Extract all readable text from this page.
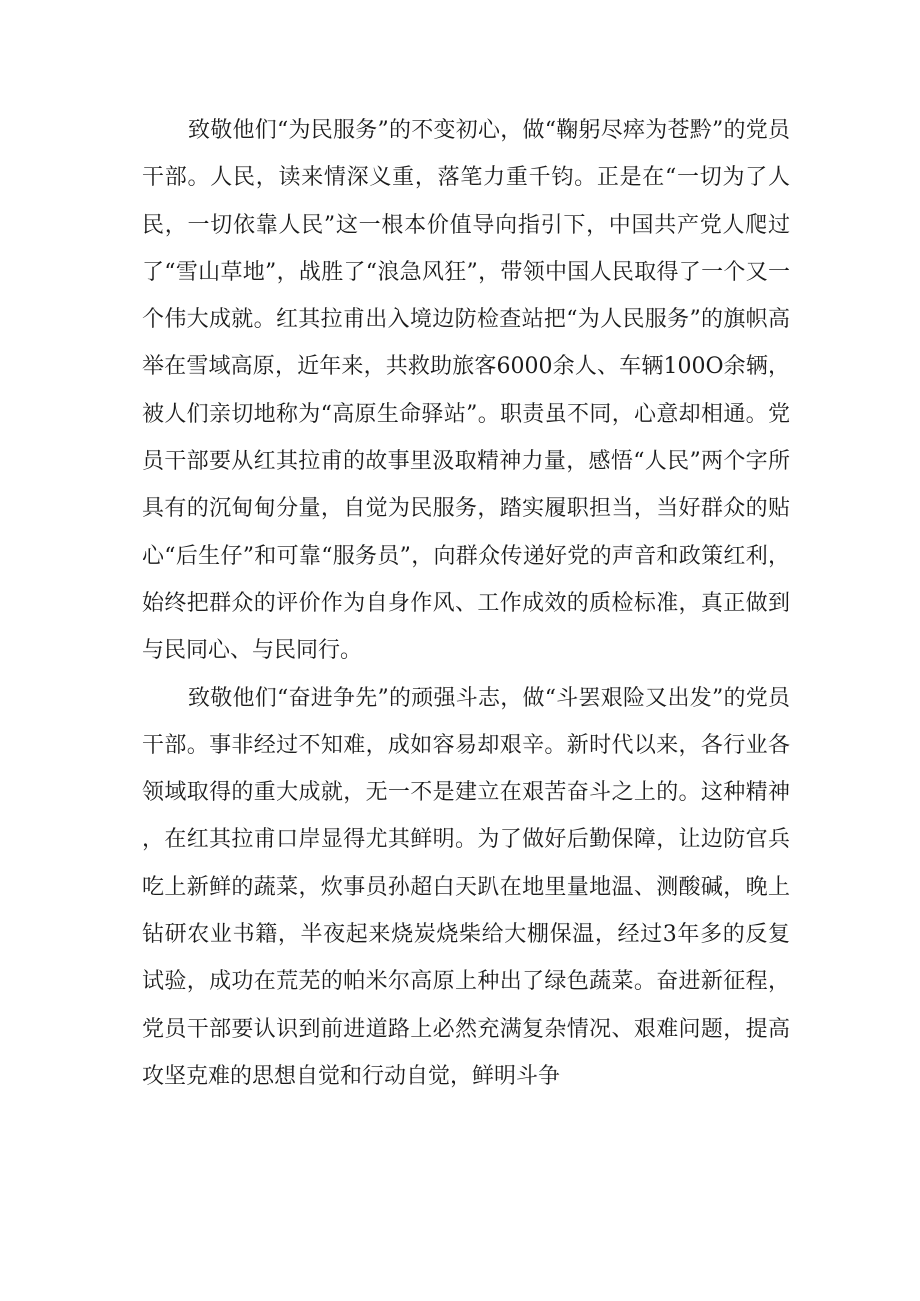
致敬他们“为民服务”的不变初心，做“鞠躬尽瘁为苍黔”的党员干部。人民，读来情深义重，落笔力重千钧。正是在“一切为了人民，一切依靠人民”这一根本价值导向指引下，中国共产党人爬过了“雪山草地”，战胜了“浪急风狂”，带领中国人民取得了一个又一个伟大成就。红其拉甫出入境边防检查站把“为人民服务”的旗帜高举在雪域高原，近年来，共救助旅客6000余人、车辆100O余辆，被人们亲切地称为“高原生命驿站”。职责虽不同，心意却相通。党员干部要从红其拉甫的故事里汲取精神力量，感悟“人民”两个字所具有的沉甸甸分量，自觉为民服务，踏实履职担当，当好群众的贴心“后生仔”和可靠“服务员”，向群众传递好党的声音和政策红利，始终把群众的评价作为自身作风、工作成效的质检标准，真正做到与民同心、与民同行。

致敬他们“奋进争先”的顽强斗志，做“斗罢艰险又出发”的党员干部。事非经过不知难，成如容易却艰辛。新时代以来，各行业各领域取得的重大成就，无一不是建立在艰苦奋斗之上的。这种精神，在红其拉甫口岸显得尤其鲜明。为了做好后勤保障，让边防官兵吃上新鲜的蔬菜，炊事员孙超白天趴在地里量地温、测酸碱，晚上钻研农业书籍，半夜起来烧炭烧柴给大棚保温，经过3年多的反复试验，成功在荒芜的帕米尔高原上种出了绿色蔬菜。奋进新征程，党员干部要认识到前进道路上必然充满复杂情况、艰难问题，提高攻坚克难的思想自觉和行动自觉，鲜明斗争
